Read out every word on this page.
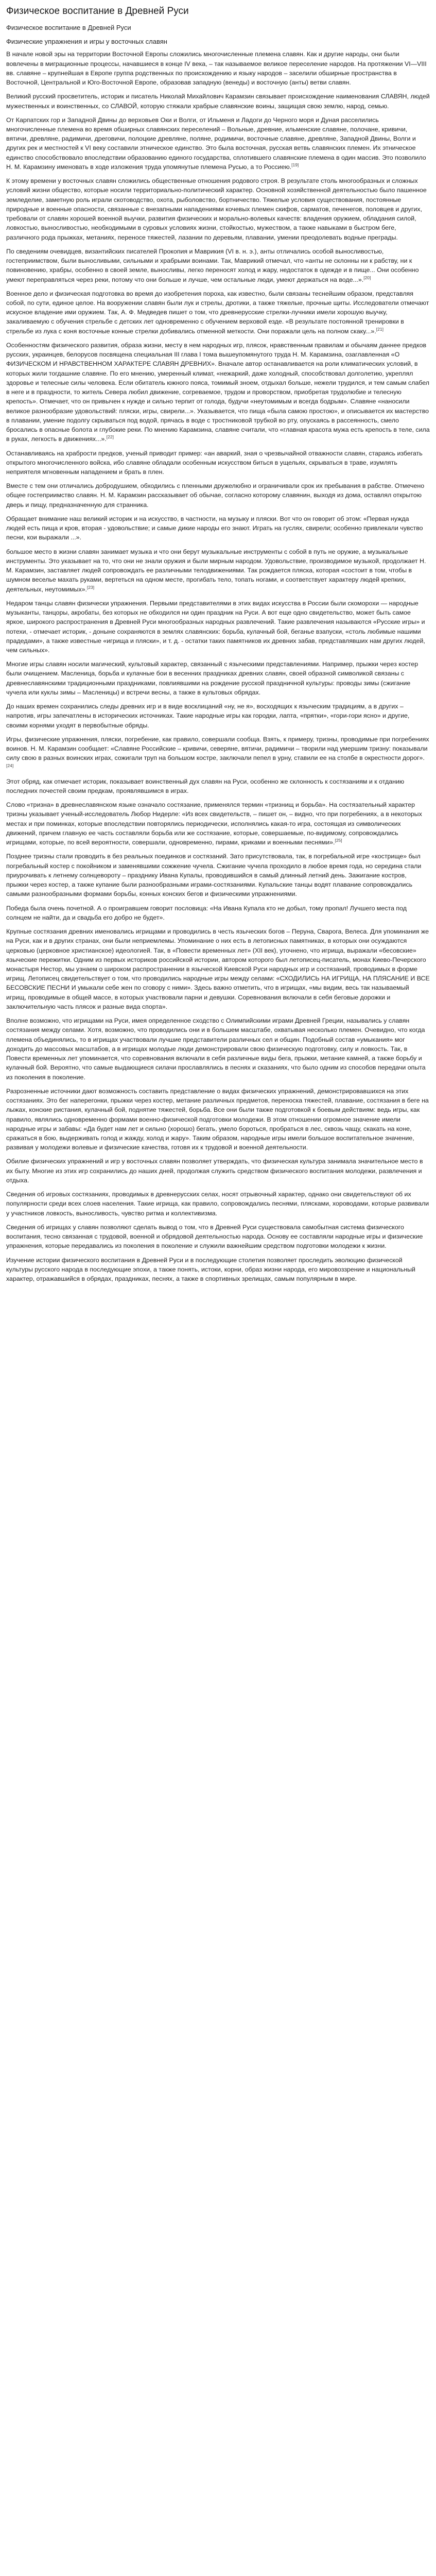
Физическое воспитание в Древней Руси
Физическое воспитание в Древней Руси
Физические упражнения и игры у восточных славян

В начале новой эры на территории Восточной Европы сложились многочисленные племена славян. Как и другие народы, они были вовлечены в миграционные процессы, начавшиеся в конце IV века, – так называемое великое переселение народов. На протяжении VI—VIII вв. славяне – крупнейшая в Европе группа родственных по происхождению и языку народов – заселили обширные пространства в Восточной, Центральной и Юго-Восточной Европе, образовав западную (венеды) и восточную (анты) ветви славян.

Великий русский просветитель, историк и писатель Николай Михайлович Карамзин связывает происхождение наименования СЛАВЯН, людей мужественных и воинственных, со СЛАВОЙ, которую стяжали храбрые славянские воины, защищая свою землю, народ, семью.

От Карпатских гор и Западной Двины до верховьев Оки и Волги, от Ильменя и Ладоги до Черного моря и Дуная расселились многочисленные племена во время обширных славянских переселений – Вольные, древние, ильменские славяне, полочане, кривичи, вятичи, древляне, радимичи, дреговичи, полоцкие древляне, поляне, родимичи, восточные славяне, древляне, Западной Двины, Волги и других рек и местностей к VI веку составили этническое единство. Это была восточная, русская ветвь славянских племен. Их этническое единство способствовало впоследствии образованию единого государства, сплотившего славянские племена в один массив. Это позволило Н. М. Карамзину именовать в ходе изложения труда упомянутые племена Русью, а то Россиею.[19]

К этому времени у восточных славян сложились общественные отношения родового строя. В результате столь многообразных и сложных условий жизни общество, которые носили территориально-политический характер. Основной хозяйственной деятельностью было пашенное земледелие, заметную роль играли скотоводство, охота, рыболовство, бортничество. Тяжелые условия существования, постоянные природные и военные опасности, связанные с внезапными нападениями кочевых племен скифов, сарматов, печенегов, половцев и других, требовали от славян хорошей военной выучки, развития физических и морально-волевых качеств: владения оружием, обладания силой, ловкостью, выносливостью, необходимыми в суровых условиях жизни, стойкостью, мужеством, а также навыками в быстром беге, различного рода прыжках, метаниях, переносе тяжестей, лазании по деревьям, плавании, умении преодолевать водные преграды.

По сведениям очевидцев, византийских писателей Прокопия и Маврикия (VI в. н. э.), анты отличались особой выносливостью, гостеприимством, были выносливыми, сильными и храбрыми воинами. Так, Маврикий отмечал, что «анты не склонны ни к рабству, ни к повиновению, храбры, особенно в своей земле, выносливы, легко переносят холод и жару, недостаток в одежде и в пище... Они особенно умеют переправляться через реки, потому что они больше и лучше, чем остальные люди, умеют держаться на воде...».[20]

Военное дело и физическая подготовка во время до изобретения пороха, как известно, были связаны теснейшим образом, представляя собой, по сути, единое целое. На вооружении славян были лук и стрелы, дротики, а также тяжелые, прочные щиты. Исследователи отмечают искусное владение ими оружием. Так, А. Ф. Медведев пишет о том, что древнерусские стрелки-лучники имели хорошую выучку, закаливаемую с обучения стрельбе с детских лет одновременно с обучением верховой езде. «В результате постоянной тренировки в стрельбе из лука с коня восточные конные стрелки добивались отменной меткости. Они поражали цель на полном скаку...».[21]

Особенностям физического развития, образа жизни, месту в нем народных игр, плясок, нравственным правилам и обычаям даннее предков русских, украинцев, белорусов посвящена специальная III глава I тома вышеупомянутого труда Н. М. Карамзина, озаглавленная «О ФИЗИЧЕСКОМ И НРАВСТВЕННОМ ХАРАКТЕРЕ СЛАВЯН ДРЕВНИХ». Вначале автор останавливается на роли климатических условий, в которых жили тогдашние славяне. По его мнению, умеренный климат, «нежаркий, даже холодный, способствовал долголетию, укреплял здоровье и телесные силы человека. Если обитатель южного пояса, томимый зноем, отдыхал больше, нежели трудился, и тем самым слабел в неге и в праздности, то житель Севера любил движение, согреваемое, трудом и проворством, приобретая трудолюбие и телесную крепость». Отмечает, что он привычен к нужде и сильно терпит от голода, будучи «неутомимым и всегда бодрым». Славяне «наносили великое разнообразие удовольствий: пляски, игры, свирели...». Указывается, что пища «была самою простою», и описывается их мастерство в плавании, умение подолгу скрываться под водой, прячась в воде с тростниковой трубкой во рту, опускаясь в рассеянность, смело бросались в опасные болота и глубокие реки. По мнению Карамзина, славяне считали, что «главная красота мужа есть крепость в теле, сила в руках, легкость в движениях...».[22]

Останавливаясь на храбрости предков, ученый приводит пример: «ан аваркий, зная о чрезвычайной отважности славян, стараясь избегать открытого многочисленного войска, ибо славяне обладали особенным искусством биться в ущельях, скрываться в траве, изумлять неприятеля мгновенным нападением и брать в плен.

Вместе с тем они отличались добродушием, обходились с пленными дружелюбно и ограничивали срок их пребывания в рабстве. Отмечено общее гостеприимство славян. Н. М. Карамзин рассказывает об обычае, согласно которому славянин, выходя из дома, оставлял открытою дверь и пищу, предназначенную для странника.

Обращает внимание наш великий историк и на искусство, в частности, на музыку и пляски. Вот что он говорит об этом: «Первая нужда людей есть пища и кров, вторая - удовольствие; и самые дикие народы его знают. Играть на гуслях, свирели; особенно привлекали чувство песни, кои выражали ...».

большое место в жизни славян занимает музыка и что они берут музыкальные инструменты с собой в путь не оружие, а музыкальные инструменты. Это указывает на то, что они не знали оружия и были мирным народом. Удовольствие, производимое музыкой, продолжает Н. М. Карамзин, заставляет людей сопровождать ее различными телодвижениями. Так рождается пляска, которая «состоит в том, чтобы в шумном веселье махать руками, вертеться на одном месте, прогибать тело, топать ногами, и соответствует характеру людей крепких, деятельных, неутомимых».[23]

Недаром танцы славян физически упражнения. Первыми представителями в этих видах искусства в России были скоморохи — народные музыканты, танцоры, акробаты, без которых не обходился ни один праздник на Руси. А вот еще одно свидетельство, может быть самое яркое, широкого распространения в Древней Руси многообразных народных развлечений. Такие развлечения называются «Русские игры» и потехи, - отмечает историк, - доныне сохраняются в землях славянских: борьба, кулачный бой, беганье взапуски, «столь любимые нашими прадедами», а также известные «игрища и пляски», и т. д. - остатки таких памятников их древних забав, представлявших нам других людей, чем сильных».

Многие игры славян носили магический, культовый характер, связанный с языческими представлениями. Например, прыжки через костер были очищением. Масленица, борьба и кулачные бои в весенних праздниках древних славян, своей образной символикой связаны с древнеславянскими традиционными праздниками, повлиявшими на рождение русской праздничной культуры: проводы зимы (сжигание чучела или куклы зимы – Масленицы) и встречи весны, а также в культовых обрядах.

До наших времен сохранились следы древних игр и в виде восклицаний «ну, не я», восходящих к языческим традициям, а в других – напротив, игры запечатлены в исторических источниках. Такие народные игры как городки, лапта, «прятки», «гори-гори ясно» и другие, своими корнями уходят в первобытные обряды.

Игры, физические упражнения, пляски, погребение, как правило, совершали сообща. Взять, к примеру, тризны, проводимые при погребениях воинов. Н. М. Карамзин сообщает: «Славяне Российские – кривичи, северяне, вятичи, радимичи – творили над умершим тризну: показывали силу свою в разных воинских играх, сожигали труп на большом костре, заключали пепел в урну, ставили ее на столбе в окрестности дорог».[24]

Этот обряд, как отмечает историк, показывает воинственный дух славян на Руси, особенно же склонность к состязаниям и к отданию последних почестей своим предкам, проявлявшимся в играх.

Слово «тризна» в древнеславянском языке означало состязание, применялся термин «тризнищ и борьба». На состязательный характер тризны указывает ученый-исследователь Любор Нидерле: «Из всех свидетельств, – пишет он, – видно, что при погребениях, а в некоторых местах и при поминках, которые впоследствии повторялись периодически, исполнялись какая-то игра, состоящая из символических движений, причем главную ее часть составляли борьба или же состязание, которые, совершаемые, по-видимому, сопровождались игрищами, которые, по всей вероятности, совершали, одновременно, пирами, криками и военными песнями».[25]

Позднее тризны стали проводить в без реальных поединков и состязаний. Зато присутствовала, так, в погребальной игре «кострище» был погребальный костер с покойником и заменявшими сожжение чучела. Сжигание чучела проходило в любое время года, но середина стали приурочивать к летнему солнцевороту – празднику Ивана Купалы, проводившийся в самый длинный летний день. Зажигание костров, прыжки через костер, а также купание были разнообразными играми-состязаниями. Купальские танцы водят плавание сопровождались самыми разнообразными формами борьбы, конных конских бегов и физическими упражнениями.

Победа была очень почетной. А о проигравшем говорит пословица: «На Ивана Купала кто не добыл, тому пропал! Лучшего места под солнцем не найти, да и свадьба его добро не будет».

Крупные состязания древних именовались игрищами и проводились в честь языческих богов – Перуна, Сварога, Велеса. Для упоминания же на Руси, как и в других странах, они были неприемлемы. Упоминание о них есть в летописных памятниках, в которых они осуждаются церковью (церковное христианское) идеологией. Так, в «Повести временных лет» (XII век), уточнено, что игрища, выражали «бесовские» языческие пережитки. Одним из первых историков российской истории, автором которого был летописец-писатель, монах Киево-Печерского монастыря Нестор, мы узнаем о широком распространении в языческой Киевской Руси народных игр и состязаний, проводимых в форме игрищ. Летописец свидетельствует о том, что проводились народные игры между селами: «СХОДИЛИСЬ НА ИГРИЩА, НА ПЛЯСАНИЕ И ВСЕ БЕСОВСКИЕ ПЕСНИ И умыкали себе жен по сговору с ними». Здесь важно отметить, что в игрищах, «мы видим, весь так называемый игрищ, проводимые в общей массе, в которых участвовали парни и девушки. Соревнования включали в себя беговые дорожки и заключительную часть плясок и разные вида спорта».

Вполне возможно, что игрищами на Руси, имея определенное сходство с Олимпийскими играми Древней Греции, назывались у славян состязания между селами. Хотя, возможно, что проводились они и в большем масштабе, охватывая несколько племен. Очевидно, что когда племена объединялись, то в игрищах участвовали лучшие представители различных сел и общин. Подобный состав «умыкания» мог доходить до массовых масштабов, а в игрищах молодые люди демонстрировали свою физическую подготовку, силу и ловкость. Так, в Повести временных лет упоминается, что соревнования включали в себя различные виды бега, прыжки, метание камней, а также борьбу и кулачный бой. Вероятно, что самые выдающиеся силачи прославлялись в песнях и сказаниях, что было одним из способов передачи опыта из поколения в поколение.

Разрозненные источники дают возможность составить представление о видах физических упражнений, демонстрировавшихся на этих состязаниях. Это бег наперегонки, прыжки через костер, метание различных предметов, переноска тяжестей, плавание, состязания в беге на лыжах, конские ристания, кулачный бой, поднятие тяжестей, борьба. Все они были также подготовкой к боевым действиям: ведь игры, как правило, являлись одновременно формами военно-физической подготовки молодежи. В этом отношении огромное значение имели народные игры и забавы: «Да будет нам лет и сильно (хорошо) бегать, умело бороться, пробраться в лес, сквозь чащу, скакать на коне, сражаться в бою, выдерживать голод и жажду, холод и жару». Таким образом, народные игры имели большое воспитательное значение, развивая у молодежи волевые и физические качества, готовя их к трудовой и военной деятельности.

Обилие физических упражнений и игр у восточных славян позволяет утверждать, что физическая культура занимала значительное место в их быту. Многие из этих игр сохранились до наших дней, продолжая служить средством физического воспитания молодежи, развлечения и отдыха.

Сведения об игровых состязаниях, проводимых в древнерусских селах, носят отрывочный характер, однако они свидетельствуют об их популярности среди всех слоев населения. Такие игрища, как правило, сопровождались песнями, плясками, хороводами, которые развивали у участников ловкость, выносливость, чувство ритма и коллективизма.

Сведения об игрищах у славян позволяют сделать вывод о том, что в Древней Руси существовала самобытная система физического воспитания, тесно связанная с трудовой, военной и обрядовой деятельностью народа. Основу ее составляли народные игры и физические упражнения, которые передавались из поколения в поколение и служили важнейшим средством подготовки молодежи к жизни.

Изучение истории физического воспитания в Древней Руси и в последующие столетия позволяет проследить эволюцию физической культуры русского народа в последующие эпохи, а также понять, истоки, корни, образ жизни народа, его мировоззрение и национальный характер, отражавшийся в обрядах, праздниках, песнях, а также в спортивных зрелищах, самым популярным в мире.
